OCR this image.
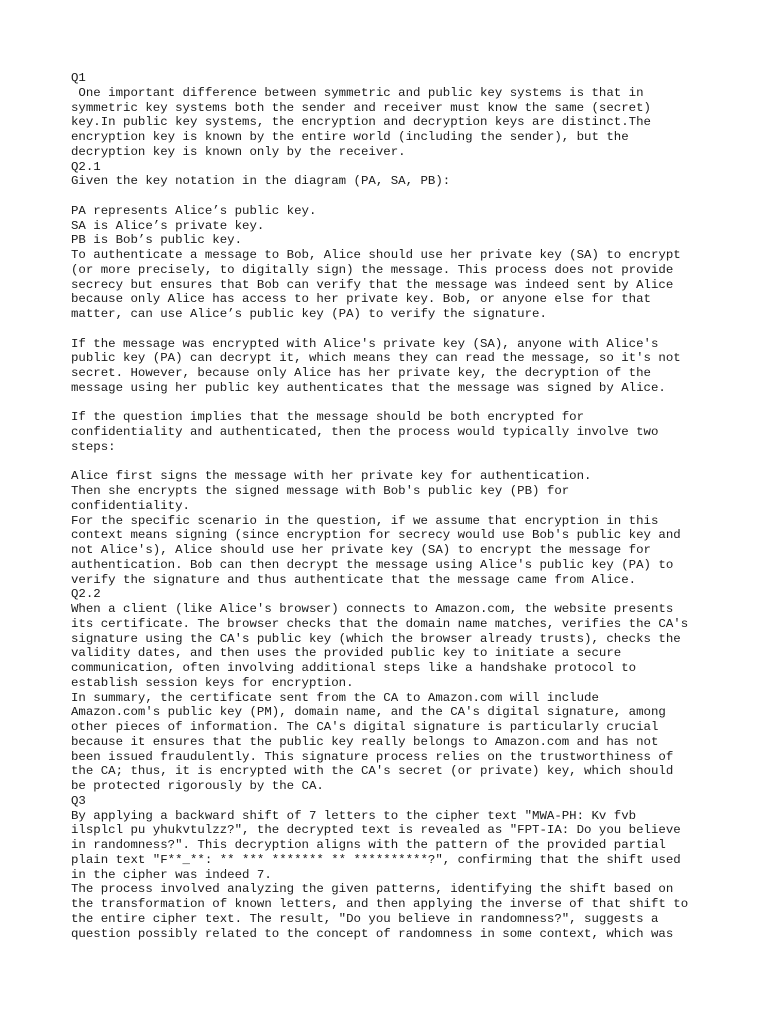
Q1
One important difference between symmetric and public key systems is that in
symmetric key systems both the sender and receiver must know the same (secret)
key.In public key systems, the encryption and decryption keys are distinct.The
encryption key is known by the entire world (including the sender), but the
decryption key is known only by the receiver.
Q2.1
Given the key notation in the diagram (PA, SA, PB):
PA represents Alice’s public key.
SA is Alice’s private key.
PB is Bob’s public key.
To authenticate a message to Bob, Alice should use her private key (SA) to encrypt
(or more precisely, to digitally sign) the message. This process does not provide
secrecy but ensures that Bob can verify that the message was indeed sent by Alice
because only Alice has access to her private key. Bob, or anyone else for that
matter, can use Alice’s public key (PA) to verify the signature.
If the message was encrypted with Alice's private key (SA), anyone with Alice's
public key (PA) can decrypt it, which means they can read the message, so it's not
secret. However, because only Alice has her private key, the decryption of the
message using her public key authenticates that the message was signed by Alice.
If the question implies that the message should be both encrypted for
confidentiality and authenticated, then the process would typically involve two
steps:
Alice first signs the message with her private key for authentication.
Then she encrypts the signed message with Bob's public key (PB) for
confidentiality.
For the specific scenario in the question, if we assume that encryption in this
context means signing (since encryption for secrecy would use Bob's public key and
not Alice's), Alice should use her private key (SA) to encrypt the message for
authentication. Bob can then decrypt the message using Alice's public key (PA) to
verify the signature and thus authenticate that the message came from Alice.
Q2.2
When a client (like Alice's browser) connects to Amazon.com, the website presents
its certificate. The browser checks that the domain name matches, verifies the CA's
signature using the CA's public key (which the browser already trusts), checks the
validity dates, and then uses the provided public key to initiate a secure
communication, often involving additional steps like a handshake protocol to
establish session keys for encryption.
In summary, the certificate sent from the CA to Amazon.com will include
Amazon.com's public key (PM), domain name, and the CA's digital signature, among
other pieces of information. The CA's digital signature is particularly crucial
because it ensures that the public key really belongs to Amazon.com and has not
been issued fraudulently. This signature process relies on the trustworthiness of
the CA; thus, it is encrypted with the CA's secret (or private) key, which should
be protected rigorously by the CA.
Q3
By applying a backward shift of 7 letters to the cipher text "MWA-PH: Kv fvb
ilsplcl pu yhukvtulzz?", the decrypted text is revealed as "FPT-IA: Do you believe
in randomness?". This decryption aligns with the pattern of the provided partial
plain text "F**_**: ** *** ******* ** **********?", confirming that the shift used
in the cipher was indeed 7.
The process involved analyzing the given patterns, identifying the shift based on
the transformation of known letters, and then applying the inverse of that shift to
the entire cipher text. The result, "Do you believe in randomness?", suggests a
question possibly related to the concept of randomness in some context, which was
